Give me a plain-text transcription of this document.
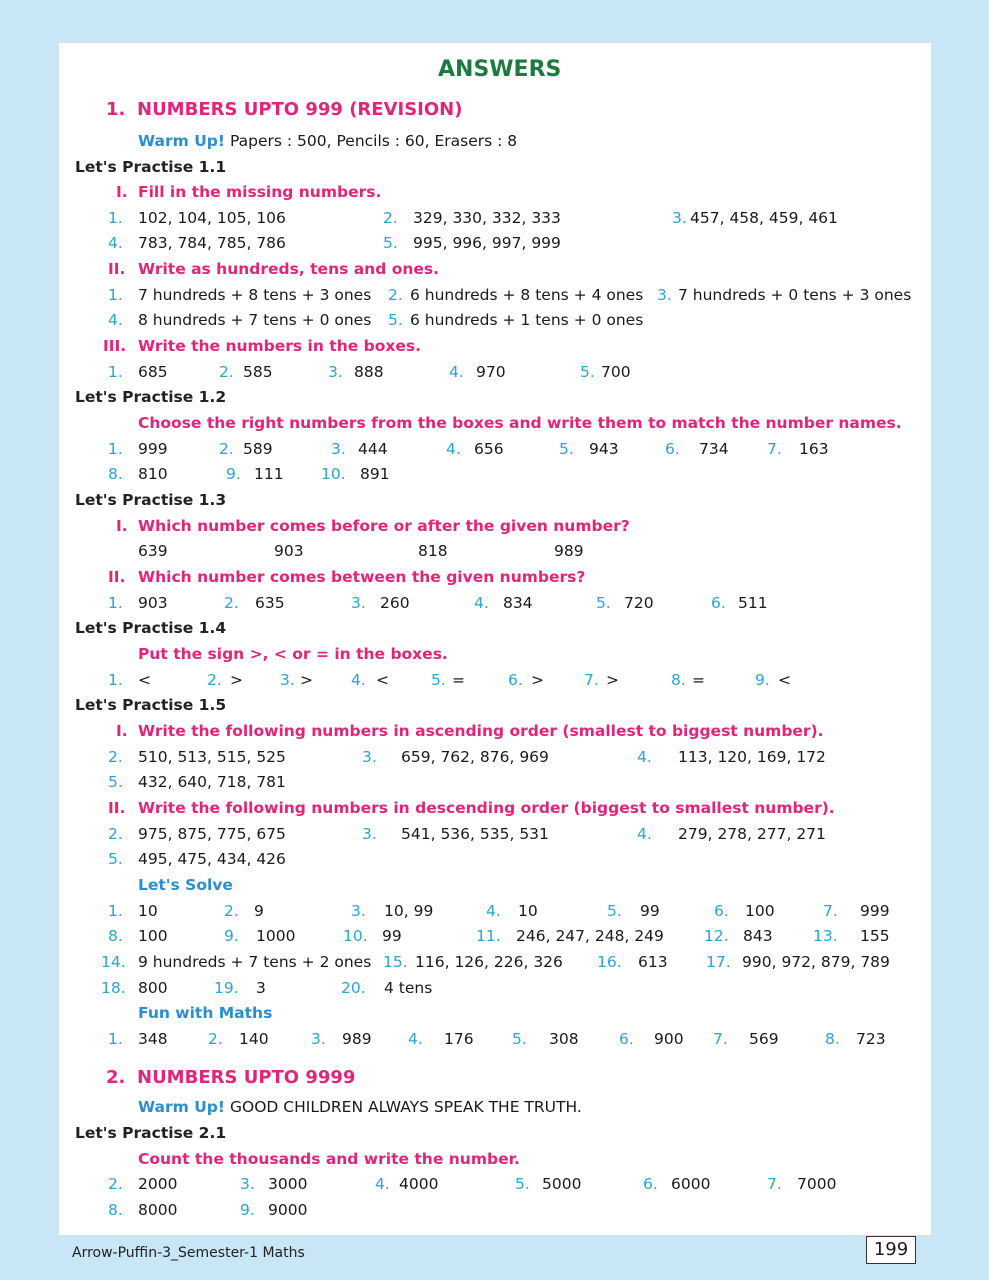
ANSWERS
1. NUMBERS UPTO 999 (REVISION)
Warm Up! Papers : 500, Pencils : 60, Erasers : 8
Let's Practise 1.1
I. Fill in the missing numbers.
1. 102, 104, 105, 106	2. 329, 330, 332, 333	3. 457, 458, 459, 461
4. 783, 784, 785, 786	5. 995, 996, 997, 999
II. Write as hundreds, tens and ones.
1. 7 hundreds + 8 tens + 3 ones 2. 6 hundreds + 8 tens + 4 ones 3. 7 hundreds + 0 tens + 3 ones
4. 8 hundreds + 7 tens + 0 ones 5. 6 hundreds + 1 tens + 0 ones
III. Write the numbers in the boxes.
1. 685	2. 585	3. 888	4. 970	5. 700
Let's Practise 1.2
Choose the right numbers from the boxes and write them to match the number names.
1. 999	2. 589	3. 444	4. 656	5. 943	6. 734 7. 163
8. 810	9. 111 10. 891
Let's Practise 1.3
I. Which number comes before or after the given number?
639	903	818	989
II. Which number comes between the given numbers?
1. 903	2. 635	3. 260	4. 834	5. 720	6. 511
Let's Practise 1.4
Put the sign >, < or = in the boxes.
1. <	2. > 3. > 4. <	5. =	6. >	7. >	8. =	9. <
Let's Practise 1.5
I. Write the following numbers in ascending order (smallest to biggest number).
2. 510, 513, 515, 525	3. 659, 762, 876, 969	4. 113, 120, 169, 172
5. 432, 640, 718, 781
II. Write the following numbers in descending order (biggest to smallest number).
2. 975, 875, 775, 675	3. 541, 536, 535, 531	4. 279, 278, 277, 271
5. 495, 475, 434, 426
Let's Solve
1. 10	2. 9	3. 10, 99	4. 10	5. 99	6. 100	7. 999
8. 100	9. 1000	10. 99	11. 246, 247, 248, 249	12. 843	13. 155
14. 9 hundreds + 7 tens + 2 ones 15. 116, 126, 226, 326 16. 613 17. 990, 972, 879, 789
18. 800	19. 3	20. 4 tens
Fun with Maths
1. 348	2. 140	3. 989 4. 176 5. 308	6. 900 7. 569	8. 723
2. NUMBERS UPTO 9999
Warm Up! GOOD CHILDREN ALWAYS SPEAK THE TRUTH.
Let's Practise 2.1
Count the thousands and write the number.
2. 2000	3. 3000	4. 4000	5. 5000	6. 6000	7. 7000
8. 8000	9. 9000
Arrow-Puffin-3_Semester-1 Maths	199
